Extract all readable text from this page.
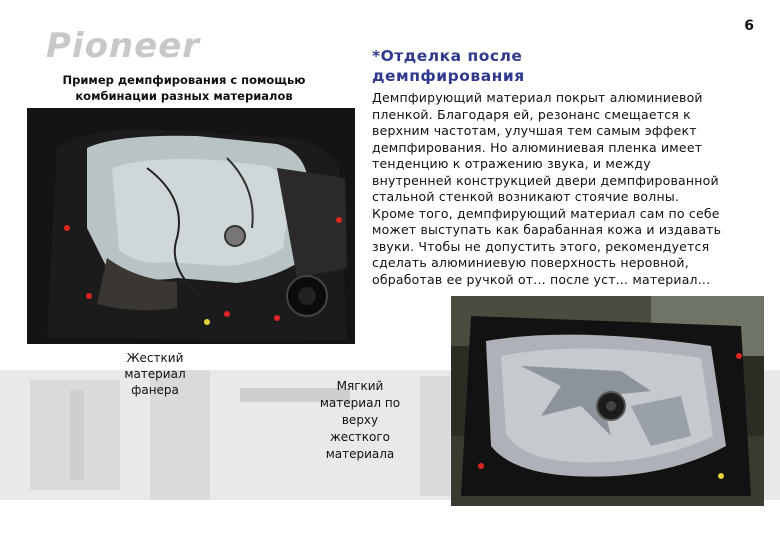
Pioneer	6
Пример демпфирования с помощью комбинации разных материалов
Жесткий материал фанера	Мягкий материал по верху жесткого материала
*Отделка после демпфирования
Демпфирующий материал покрыт алюминиевой пленкой. Благодаря ей, резонанс смещается к верхним частотам, улучшая тем самым эффект демпфирования. Но алюминиевая пленка имеет тенденцию к отражению звука, и между внутренней конструкцией двери демпфированной стальной стенкой возникают стоячие волны. Кроме того, демпфирующий материал сам по себе может выступать как барабанная кожа и издавать звуки. Чтобы не допустить этого, рекомендуется сделать алюминиевую поверхность неровной, обработав ее ручкой от... после уст... материал...
